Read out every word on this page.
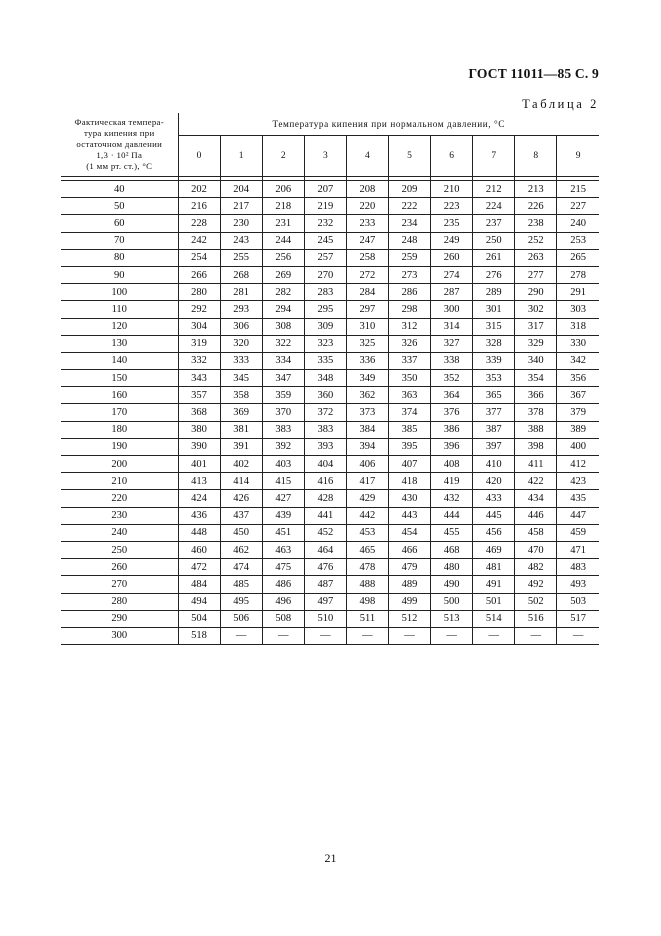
ГОСТ 11011—85 С. 9
Таблица 2
Фактическая темпера-
тура кипения при
остаточном давлении
1,3 · 10² Па
(1 мм рт. ст.), °С	Температура кипения при нормальном давлении, °С									
	0	1	2	3	4	5	6	7	8	9

40	202	204	206	207	208	209	210	212	213	215
50	216	217	218	219	220	222	223	224	226	227
60	228	230	231	232	233	234	235	237	238	240
70	242	243	244	245	247	248	249	250	252	253
80	254	255	256	257	258	259	260	261	263	265
90	266	268	269	270	272	273	274	276	277	278
100	280	281	282	283	284	286	287	289	290	291
110	292	293	294	295	297	298	300	301	302	303
120	304	306	308	309	310	312	314	315	317	318
130	319	320	322	323	325	326	327	328	329	330
140	332	333	334	335	336	337	338	339	340	342
150	343	345	347	348	349	350	352	353	354	356
160	357	358	359	360	362	363	364	365	366	367
170	368	369	370	372	373	374	376	377	378	379
180	380	381	383	383	384	385	386	387	388	389
190	390	391	392	393	394	395	396	397	398	400
200	401	402	403	404	406	407	408	410	411	412
210	413	414	415	416	417	418	419	420	422	423
220	424	426	427	428	429	430	432	433	434	435
230	436	437	439	441	442	443	444	445	446	447
240	448	450	451	452	453	454	455	456	458	459
250	460	462	463	464	465	466	468	469	470	471
260	472	474	475	476	478	479	480	481	482	483
270	484	485	486	487	488	489	490	491	492	493
280	494	495	496	497	498	499	500	501	502	503
290	504	506	508	510	511	512	513	514	516	517
300	518	—	—	—	—	—	—	—	—	—
21
